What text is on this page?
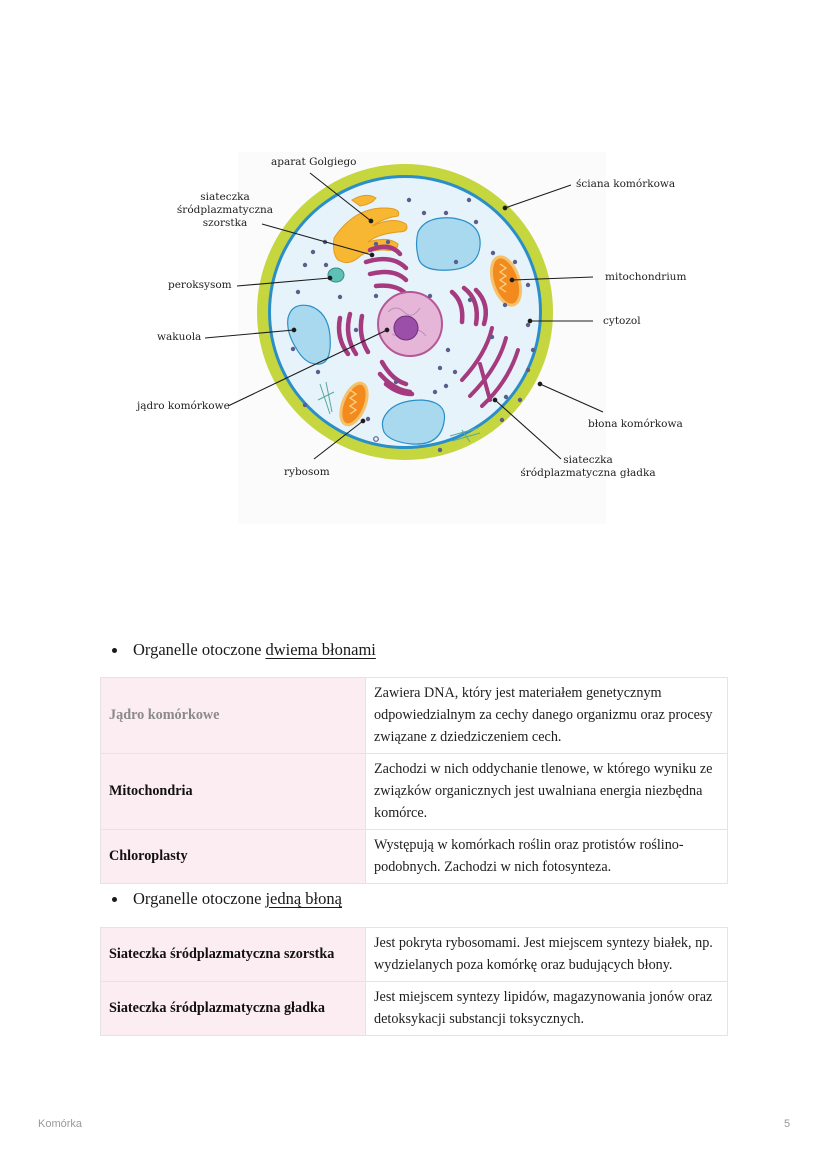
aparat Golgiego
siateczka
śródplazmatyczna
szorstka
peroksysom
wakuola
jądro komórkowe
rybosom
ściana komórkowa
mitochondrium
cytozol
błona komórkowa
siateczka
śródplazmatyczna gładka
Organelle otoczone dwiema błonami
Jądro komórkowe	Zawiera DNA, który jest materiałem genetycznym odpowiedzialnym za cechy danego organizmu oraz procesy związane z dziedziczeniem cech.
Mitochondria	Zachodzi w nich oddychanie tlenowe, w którego wyniku ze związków organicznych jest uwalniana energia niezbędna komórce.
Chloroplasty	Występują w komórkach roślin oraz protistów roślino-podobnych. Zachodzi w nich fotosynteza.
Organelle otoczone jedną błoną
Siateczka śródplazmatyczna szorstka	Jest pokryta rybosomami. Jest miejscem syntezy białek, np. wydzielanych poza komórkę oraz budujących błony.
Siateczka śródplazmatyczna gładka	Jest miejscem syntezy lipidów, magazynowania jonów oraz detoksykacji substancji toksycznych.
Komórka	5
